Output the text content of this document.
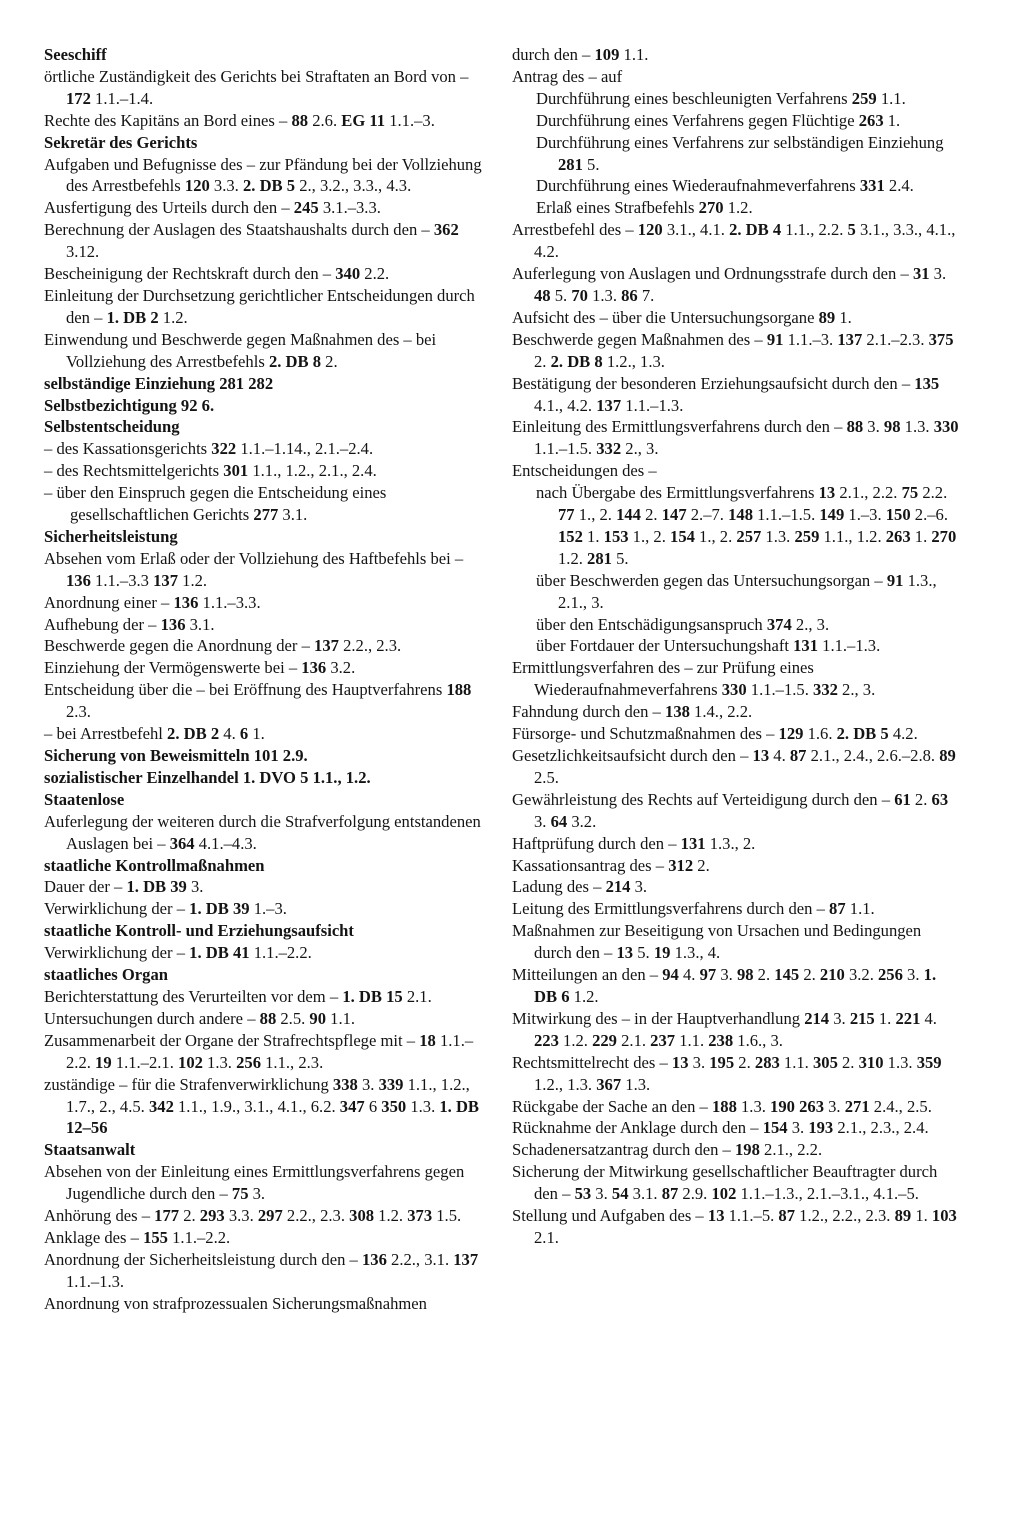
Seeschiff

örtliche Zuständigkeit des Gerichts bei Straftaten an Bord von – 172 1.1.–1.4.

Rechte des Kapitäns an Bord eines – 88 2.6. EG 11 1.1.–3.

Sekretär des Gerichts

Aufgaben und Befugnisse des – zur Pfändung bei der Vollziehung des Arrestbefehls 120 3.3. 2. DB 5 2., 3.2., 3.3., 4.3.

Ausfertigung des Urteils durch den – 245 3.1.–3.3.

Berechnung der Auslagen des Staatshaushalts durch den – 362 3.12.

Bescheinigung der Rechtskraft durch den – 340 2.2.

Einleitung der Durchsetzung gerichtlicher Entscheidungen durch den – 1. DB 2 1.2.

Einwendung und Beschwerde gegen Maßnahmen des – bei Vollziehung des Arrestbefehls 2. DB 8 2.

selbständige Einziehung 281 282

Selbstbezichtigung 92 6.

Selbstentscheidung

– des Kassationsgerichts 322 1.1.–1.14., 2.1.–2.4.

– des Rechtsmittelgerichts 301 1.1., 1.2., 2.1., 2.4.

– über den Einspruch gegen die Entscheidung eines gesellschaftlichen Gerichts 277 3.1.

Sicherheitsleistung

Absehen vom Erlaß oder der Vollziehung des Haftbefehls bei – 136 1.1.–3.3 137 1.2.

Anordnung einer – 136 1.1.–3.3.

Aufhebung der – 136 3.1.

Beschwerde gegen die Anordnung der – 137 2.2., 2.3.

Einziehung der Vermögenswerte bei – 136 3.2.

Entscheidung über die – bei Eröffnung des Hauptverfahrens 188 2.3.

– bei Arrestbefehl 2. DB 2 4. 6 1.

Sicherung von Beweismitteln 101 2.9.

sozialistischer Einzelhandel 1. DVO 5 1.1., 1.2.

Staatenlose

Auferlegung der weiteren durch die Strafverfolgung entstandenen Auslagen bei – 364 4.1.–4.3.

staatliche Kontrollmaßnahmen

Dauer der – 1. DB 39 3.

Verwirklichung der – 1. DB 39 1.–3.

staatliche Kontroll- und Erziehungsaufsicht

Verwirklichung der – 1. DB 41 1.1.–2.2.

staatliches Organ

Berichterstattung des Verurteilten vor dem – 1. DB 15 2.1.

Untersuchungen durch andere – 88 2.5. 90 1.1.

Zusammenarbeit der Organe der Strafrechtspflege mit – 18 1.1.–2.2. 19 1.1.–2.1. 102 1.3. 256 1.1., 2.3.

zuständige – für die Strafenverwirklichung 338 3. 339 1.1., 1.2., 1.7., 2., 4.5. 342 1.1., 1.9., 3.1., 4.1., 6.2. 347 6 350 1.3. 1. DB 12–56

Staatsanwalt

Absehen von der Einleitung eines Ermittlungsverfahrens gegen Jugendliche durch den – 75 3.

Anhörung des – 177 2. 293 3.3. 297 2.2., 2.3. 308 1.2. 373 1.5.

Anklage des – 155 1.1.–2.2.

Anordnung der Sicherheitsleistung durch den – 136 2.2., 3.1. 137 1.1.–1.3.

Anordnung von strafprozessualen Sicherungsmaßnahmen

durch den – 109 1.1.

Antrag des – auf

Durchführung eines beschleunigten Verfahrens 259 1.1.

Durchführung eines Verfahrens gegen Flüchtige 263 1.

Durchführung eines Verfahrens zur selbständigen Einziehung 281 5.

Durchführung eines Wiederaufnahmeverfahrens 331 2.4.

Erlaß eines Strafbefehls 270 1.2.

Arrestbefehl des – 120 3.1., 4.1. 2. DB 4 1.1., 2.2. 5 3.1., 3.3., 4.1., 4.2.

Auferlegung von Auslagen und Ordnungsstrafe durch den – 31 3. 48 5. 70 1.3. 86 7.

Aufsicht des – über die Untersuchungsorgane 89 1.

Beschwerde gegen Maßnahmen des – 91 1.1.–3. 137 2.1.–2.3. 375 2. 2. DB 8 1.2., 1.3.

Bestätigung der besonderen Erziehungsaufsicht durch den – 135 4.1., 4.2. 137 1.1.–1.3.

Einleitung des Ermittlungsverfahrens durch den – 88 3. 98 1.3. 330 1.1.–1.5. 332 2., 3.

Entscheidungen des –

nach Übergabe des Ermittlungsverfahrens 13 2.1., 2.2. 75 2.2. 77 1., 2. 144 2. 147 2.–7. 148 1.1.–1.5. 149 1.–3. 150 2.–6. 152 1. 153 1., 2. 154 1., 2. 257 1.3. 259 1.1., 1.2. 263 1. 270 1.2. 281 5.

über Beschwerden gegen das Untersuchungsorgan – 91 1.3., 2.1., 3.

über den Entschädigungsanspruch 374 2., 3.

über Fortdauer der Untersuchungshaft 131 1.1.–1.3.

Ermittlungsverfahren des – zur Prüfung eines Wiederaufnahmeverfahrens 330 1.1.–1.5. 332 2., 3.

Fahndung durch den – 138 1.4., 2.2.

Fürsorge- und Schutzmaßnahmen des – 129 1.6. 2. DB 5 4.2.

Gesetzlichkeitsaufsicht durch den – 13 4. 87 2.1., 2.4., 2.6.–2.8. 89 2.5.

Gewährleistung des Rechts auf Verteidigung durch den – 61 2. 63 3. 64 3.2.

Haftprüfung durch den – 131 1.3., 2.

Kassationsantrag des – 312 2.

Ladung des – 214 3.

Leitung des Ermittlungsverfahrens durch den – 87 1.1.

Maßnahmen zur Beseitigung von Ursachen und Bedingungen durch den – 13 5. 19 1.3., 4.

Mitteilungen an den – 94 4. 97 3. 98 2. 145 2. 210 3.2. 256 3. 1. DB 6 1.2.

Mitwirkung des – in der Hauptverhandlung 214 3. 215 1. 221 4. 223 1.2. 229 2.1. 237 1.1. 238 1.6., 3.

Rechtsmittelrecht des – 13 3. 195 2. 283 1.1. 305 2. 310 1.3. 359 1.2., 1.3. 367 1.3.

Rückgabe der Sache an den – 188 1.3. 190 263 3. 271 2.4., 2.5.

Rücknahme der Anklage durch den – 154 3. 193 2.1., 2.3., 2.4.

Schadenersatzantrag durch den – 198 2.1., 2.2.

Sicherung der Mitwirkung gesellschaftlicher Beauftragter durch den – 53 3. 54 3.1. 87 2.9. 102 1.1.–1.3., 2.1.–3.1., 4.1.–5.

Stellung und Aufgaben des – 13 1.1.–5. 87 1.2., 2.2., 2.3. 89 1. 103 2.1.
